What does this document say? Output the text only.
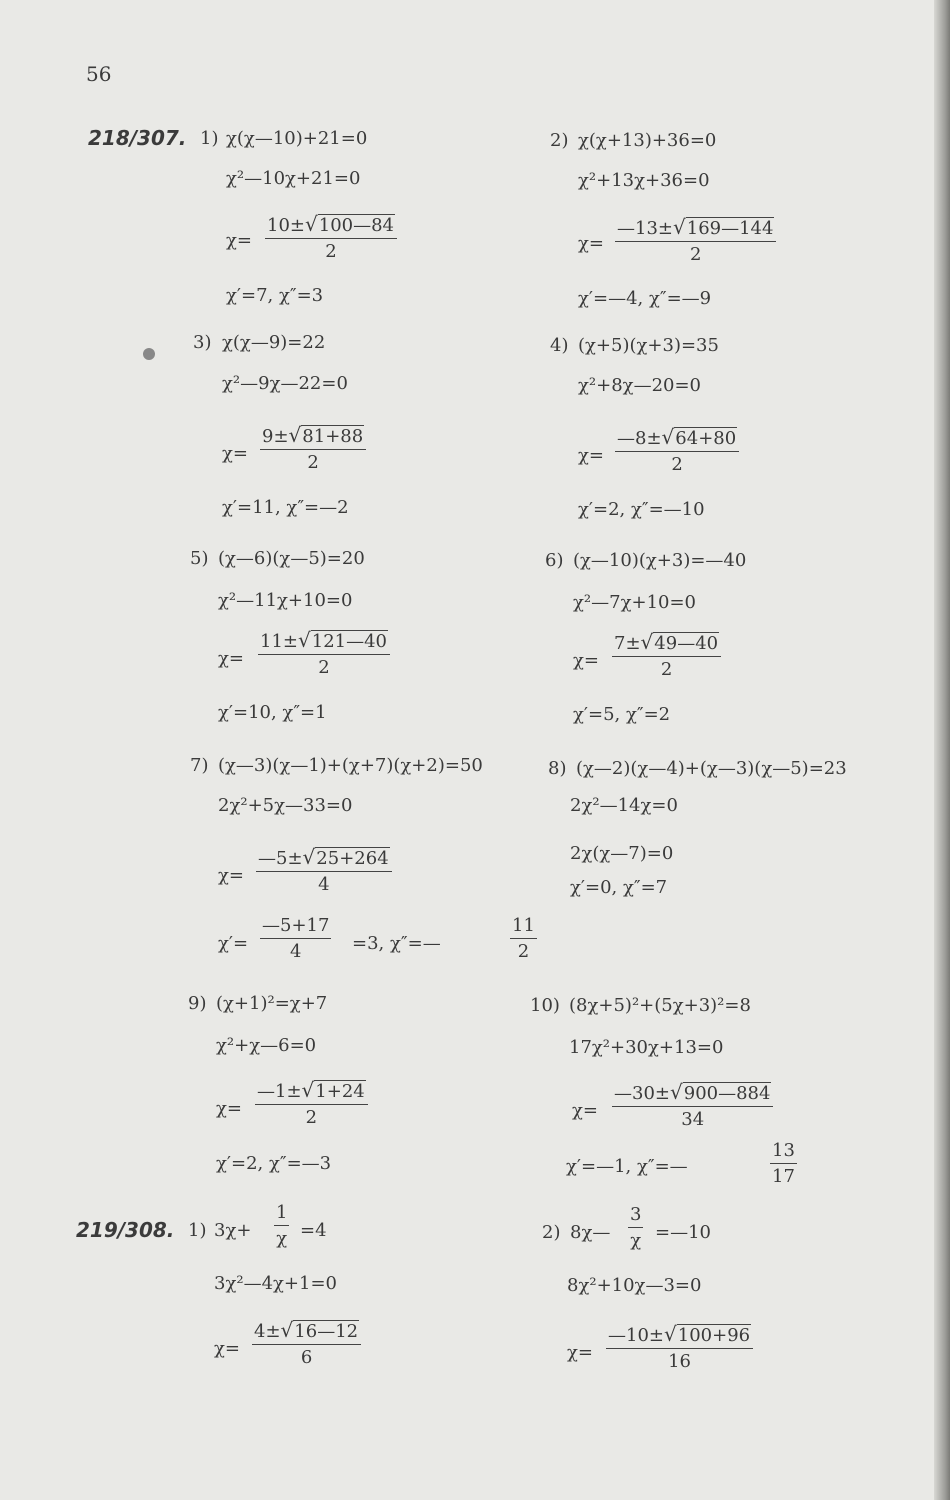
56
218/307. 1) χ(χ—10)+21=0
χ²—10χ+21=0
χ=
10±√100—84
2
χ′=7, χ″=3
2) χ(χ+13)+36=0
χ²+13χ+36=0
χ=
—13±√169—144
2
χ′=—4, χ″=—9
3) χ(χ—9)=22
χ²—9χ—22=0
χ=
9±√81+88
2
χ′=11, χ″=—2
4) (χ+5)(χ+3)=35
χ²+8χ—20=0
χ=
—8±√64+80
2
χ′=2, χ″=—10
5) (χ—6)(χ—5)=20
χ²—11χ+10=0
χ=
11±√121—40
2
χ′=10, χ″=1
6) (χ—10)(χ+3)=—40
χ²—7χ+10=0
χ=
7±√49—40
2
χ′=5, χ″=2
7) (χ—3)(χ—1)+(χ+7)(χ+2)=50
2χ²+5χ—33=0
χ=
—5±√25+264
4
χ′=
—5+17
4	=3, χ″=—
11
2
8) (χ—2)(χ—4)+(χ—3)(χ—5)=23
2χ²—14χ=0
2χ(χ—7)=0
χ′=0, χ″=7
9) (χ+1)²=χ+7
χ²+χ—6=0
χ=
—1±√1+24
2
χ′=2, χ″=—3
10) (8χ+5)²+(5χ+3)²=8
17χ²+30χ+13=0
χ=
—30±√900—884
34
χ′=—1, χ″=—
13
17
219/308. 1) 3χ+
1
χ =4
3χ²—4χ+1=0
χ=
4±√16—12
6
2) 8χ—
3
χ =—10
8χ²+10χ—3=0
χ=
—10±√100+96
16
